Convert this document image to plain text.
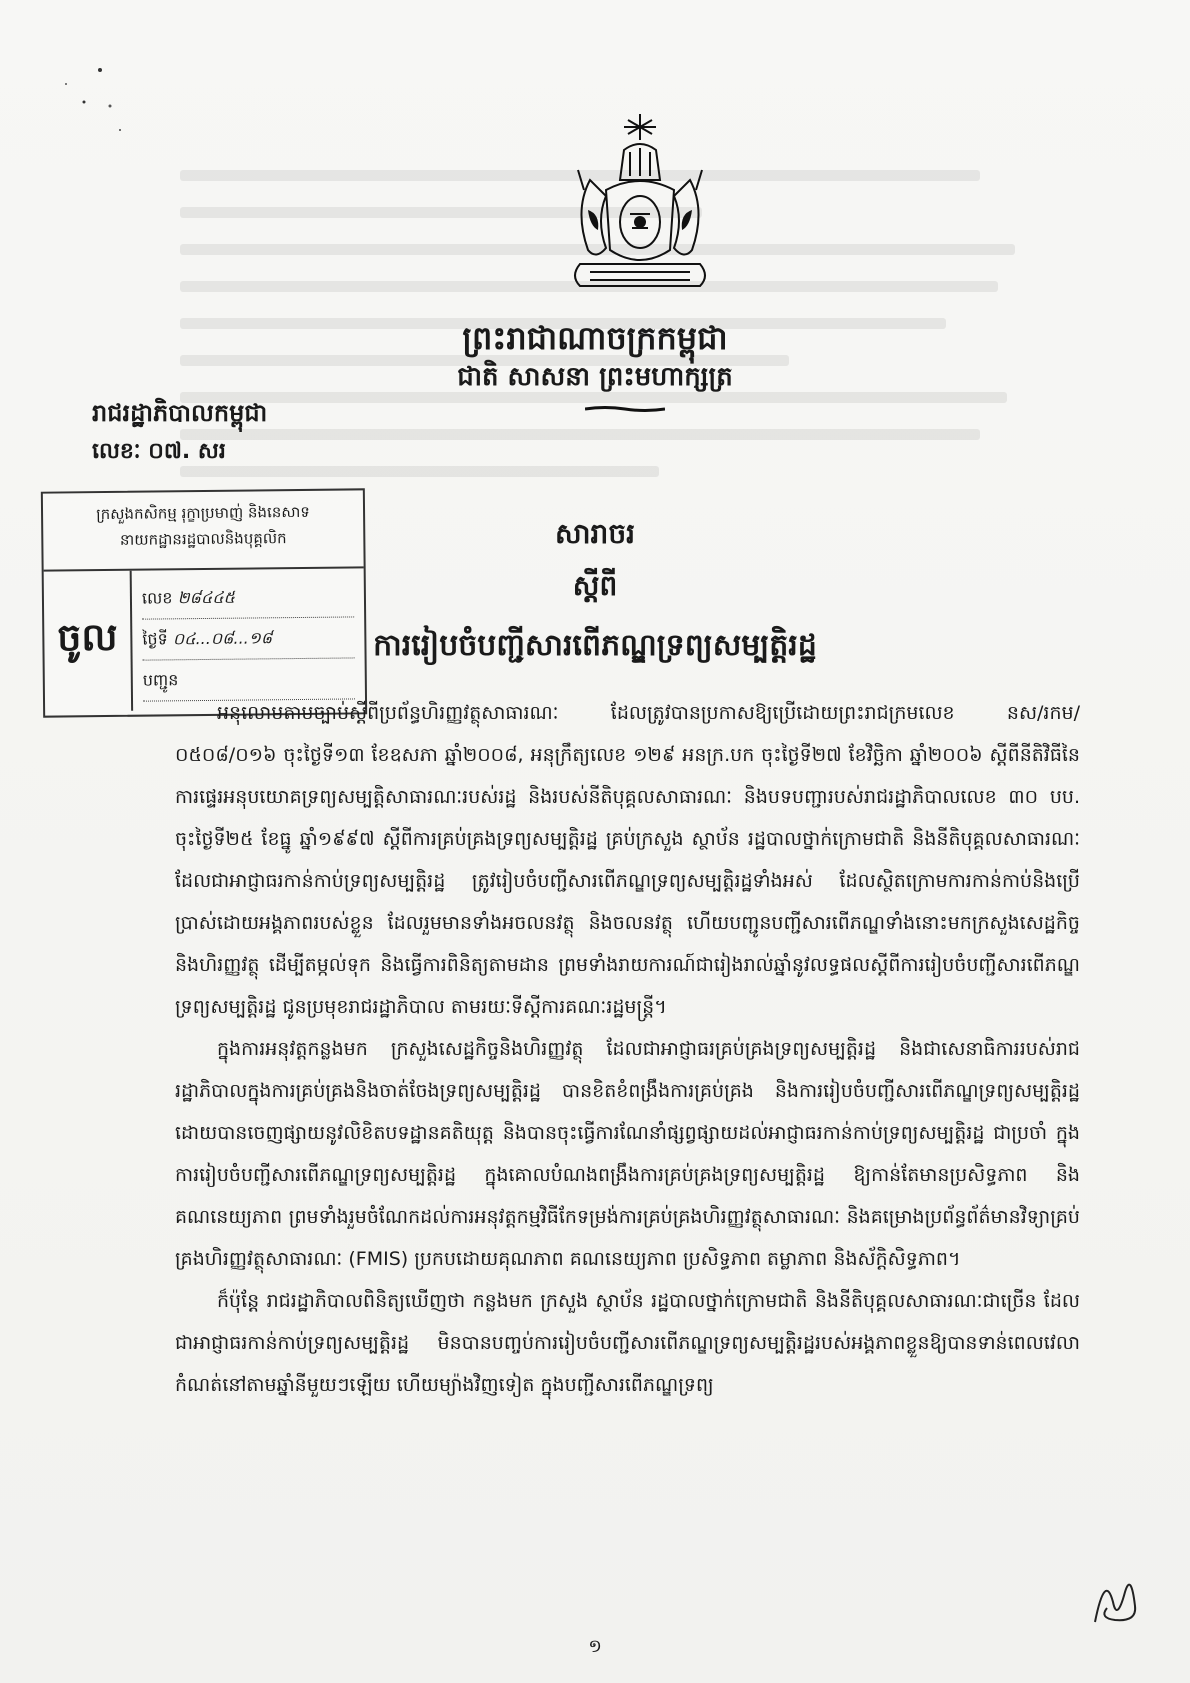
ព្រះរាជាណាចក្រកម្ពុជា
ជាតិ សាសនា ព្រះមហាក្សត្រ
រាជរដ្ឋាភិបាលកម្ពុជា
លេខៈ ០៧. សរ
ក្រសួងកសិកម្ម រុក្ខាប្រមាញ់ និងនេសាទ
នាយកដ្ឋានរដ្ឋបាលនិងបុគ្គលិក
ចូល
លេខ ២៨៤៤៥
ថ្ងៃទី ០៤...០៨...១៨
បញ្ជូន
សារាចរ
ស្តីពី
ការរៀបចំបញ្ជីសារពើភណ្ឌទ្រព្យសម្បត្តិរដ្ឋ

អនុលោមតាមច្បាប់ស្តីពីប្រព័ន្ធហិរញ្ញវត្ថុសាធារណៈ ដែលត្រូវបានប្រកាសឱ្យប្រើដោយព្រះរាជក្រមលេខ នស/រកម/០៥០៨/០១៦ ចុះថ្ងៃទី១៣ ខែឧសភា ឆ្នាំ២០០៨, អនុក្រឹត្យលេខ ១២៩ អនក្រ.បក ចុះថ្ងៃទី២៧ ខែវិច្ឆិកា ឆ្នាំ២០០៦ ស្តីពីនីតិវិធីនៃការផ្ទេរអនុបយោគទ្រព្យសម្បត្តិសាធារណៈរបស់រដ្ឋ និងរបស់នីតិបុគ្គលសាធារណៈ និងបទបញ្ជារបស់រាជរដ្ឋាភិបាលលេខ ៣០ បប. ចុះថ្ងៃទី២៥ ខែធ្នូ ឆ្នាំ១៩៩៧ ស្តីពីការគ្រប់គ្រងទ្រព្យសម្បត្តិរដ្ឋ គ្រប់ក្រសួង ស្ថាប័ន រដ្ឋបាលថ្នាក់ក្រោមជាតិ និងនីតិបុគ្គលសាធារណៈ ដែលជាអាជ្ញាធរកាន់កាប់ទ្រព្យសម្បត្តិរដ្ឋ ត្រូវរៀបចំបញ្ជីសារពើភណ្ឌទ្រព្យសម្បត្តិរដ្ឋទាំងអស់ ដែលស្ថិតក្រោមការកាន់កាប់និងប្រើប្រាស់ដោយអង្គភាពរបស់ខ្លួន ដែលរួមមានទាំងអចលនវត្ថុ និងចលនវត្ថុ ហើយបញ្ជូនបញ្ជីសារពើភណ្ឌទាំងនោះមកក្រសួងសេដ្ឋកិច្ចនិងហិរញ្ញវត្ថុ ដើម្បីតម្កល់ទុក និងធ្វើការពិនិត្យតាមដាន ព្រមទាំងរាយការណ៍ជារៀងរាល់ឆ្នាំនូវលទ្ធផលស្តីពីការរៀបចំបញ្ជីសារពើភណ្ឌទ្រព្យសម្បត្តិរដ្ឋ ជូនប្រមុខរាជរដ្ឋាភិបាល តាមរយៈទីស្តីការគណៈរដ្ឋមន្ត្រី។

ក្នុងការអនុវត្តកន្លងមក ក្រសួងសេដ្ឋកិច្ចនិងហិរញ្ញវត្ថុ ដែលជាអាជ្ញាធរគ្រប់គ្រងទ្រព្យសម្បត្តិរដ្ឋ និងជាសេនាធិការរបស់រាជរដ្ឋាភិបាលក្នុងការគ្រប់គ្រងនិងចាត់ចែងទ្រព្យសម្បត្តិរដ្ឋ បានខិតខំពង្រឹងការគ្រប់គ្រង និងការរៀបចំបញ្ជីសារពើភណ្ឌទ្រព្យសម្បត្តិរដ្ឋ ដោយបានចេញផ្សាយនូវលិខិតបទដ្ឋានគតិយុត្ត និងបានចុះធ្វើការណែនាំផ្សព្វផ្សាយដល់អាជ្ញាធរកាន់កាប់ទ្រព្យសម្បត្តិរដ្ឋ ជាប្រចាំ ក្នុងការរៀបចំបញ្ជីសារពើភណ្ឌទ្រព្យសម្បត្តិរដ្ឋ ក្នុងគោលបំណងពង្រឹងការគ្រប់គ្រងទ្រព្យសម្បត្តិរដ្ឋ ឱ្យកាន់តែមានប្រសិទ្ធភាព និងគណនេយ្យភាព ព្រមទាំងរួមចំណែកដល់ការអនុវត្តកម្មវិធីកែទម្រង់ការគ្រប់គ្រងហិរញ្ញវត្ថុសាធារណៈ និងគម្រោងប្រព័ន្ធព័ត៌មានវិទ្យាគ្រប់គ្រងហិរញ្ញវត្ថុសាធារណៈ (FMIS) ប្រកបដោយគុណភាព គណនេយ្យភាព ប្រសិទ្ធភាព តម្លាភាព និងស័ក្តិសិទ្ធភាព។

ក៏ប៉ុន្តែ រាជរដ្ឋាភិបាលពិនិត្យឃើញថា កន្លងមក ក្រសួង ស្ថាប័ន រដ្ឋបាលថ្នាក់ក្រោមជាតិ និងនីតិបុគ្គលសាធារណៈជាច្រើន ដែលជាអាជ្ញាធរកាន់កាប់ទ្រព្យសម្បត្តិរដ្ឋ មិនបានបញ្ចប់ការរៀបចំបញ្ជីសារពើភណ្ឌទ្រព្យសម្បត្តិរដ្ឋរបស់អង្គភាពខ្លួនឱ្យបានទាន់ពេលវេលាកំណត់នៅតាមឆ្នាំនីមួយៗឡើយ ហើយម្យ៉ាងវិញទៀត ក្នុងបញ្ជីសារពើភណ្ឌទ្រព្យ

១
